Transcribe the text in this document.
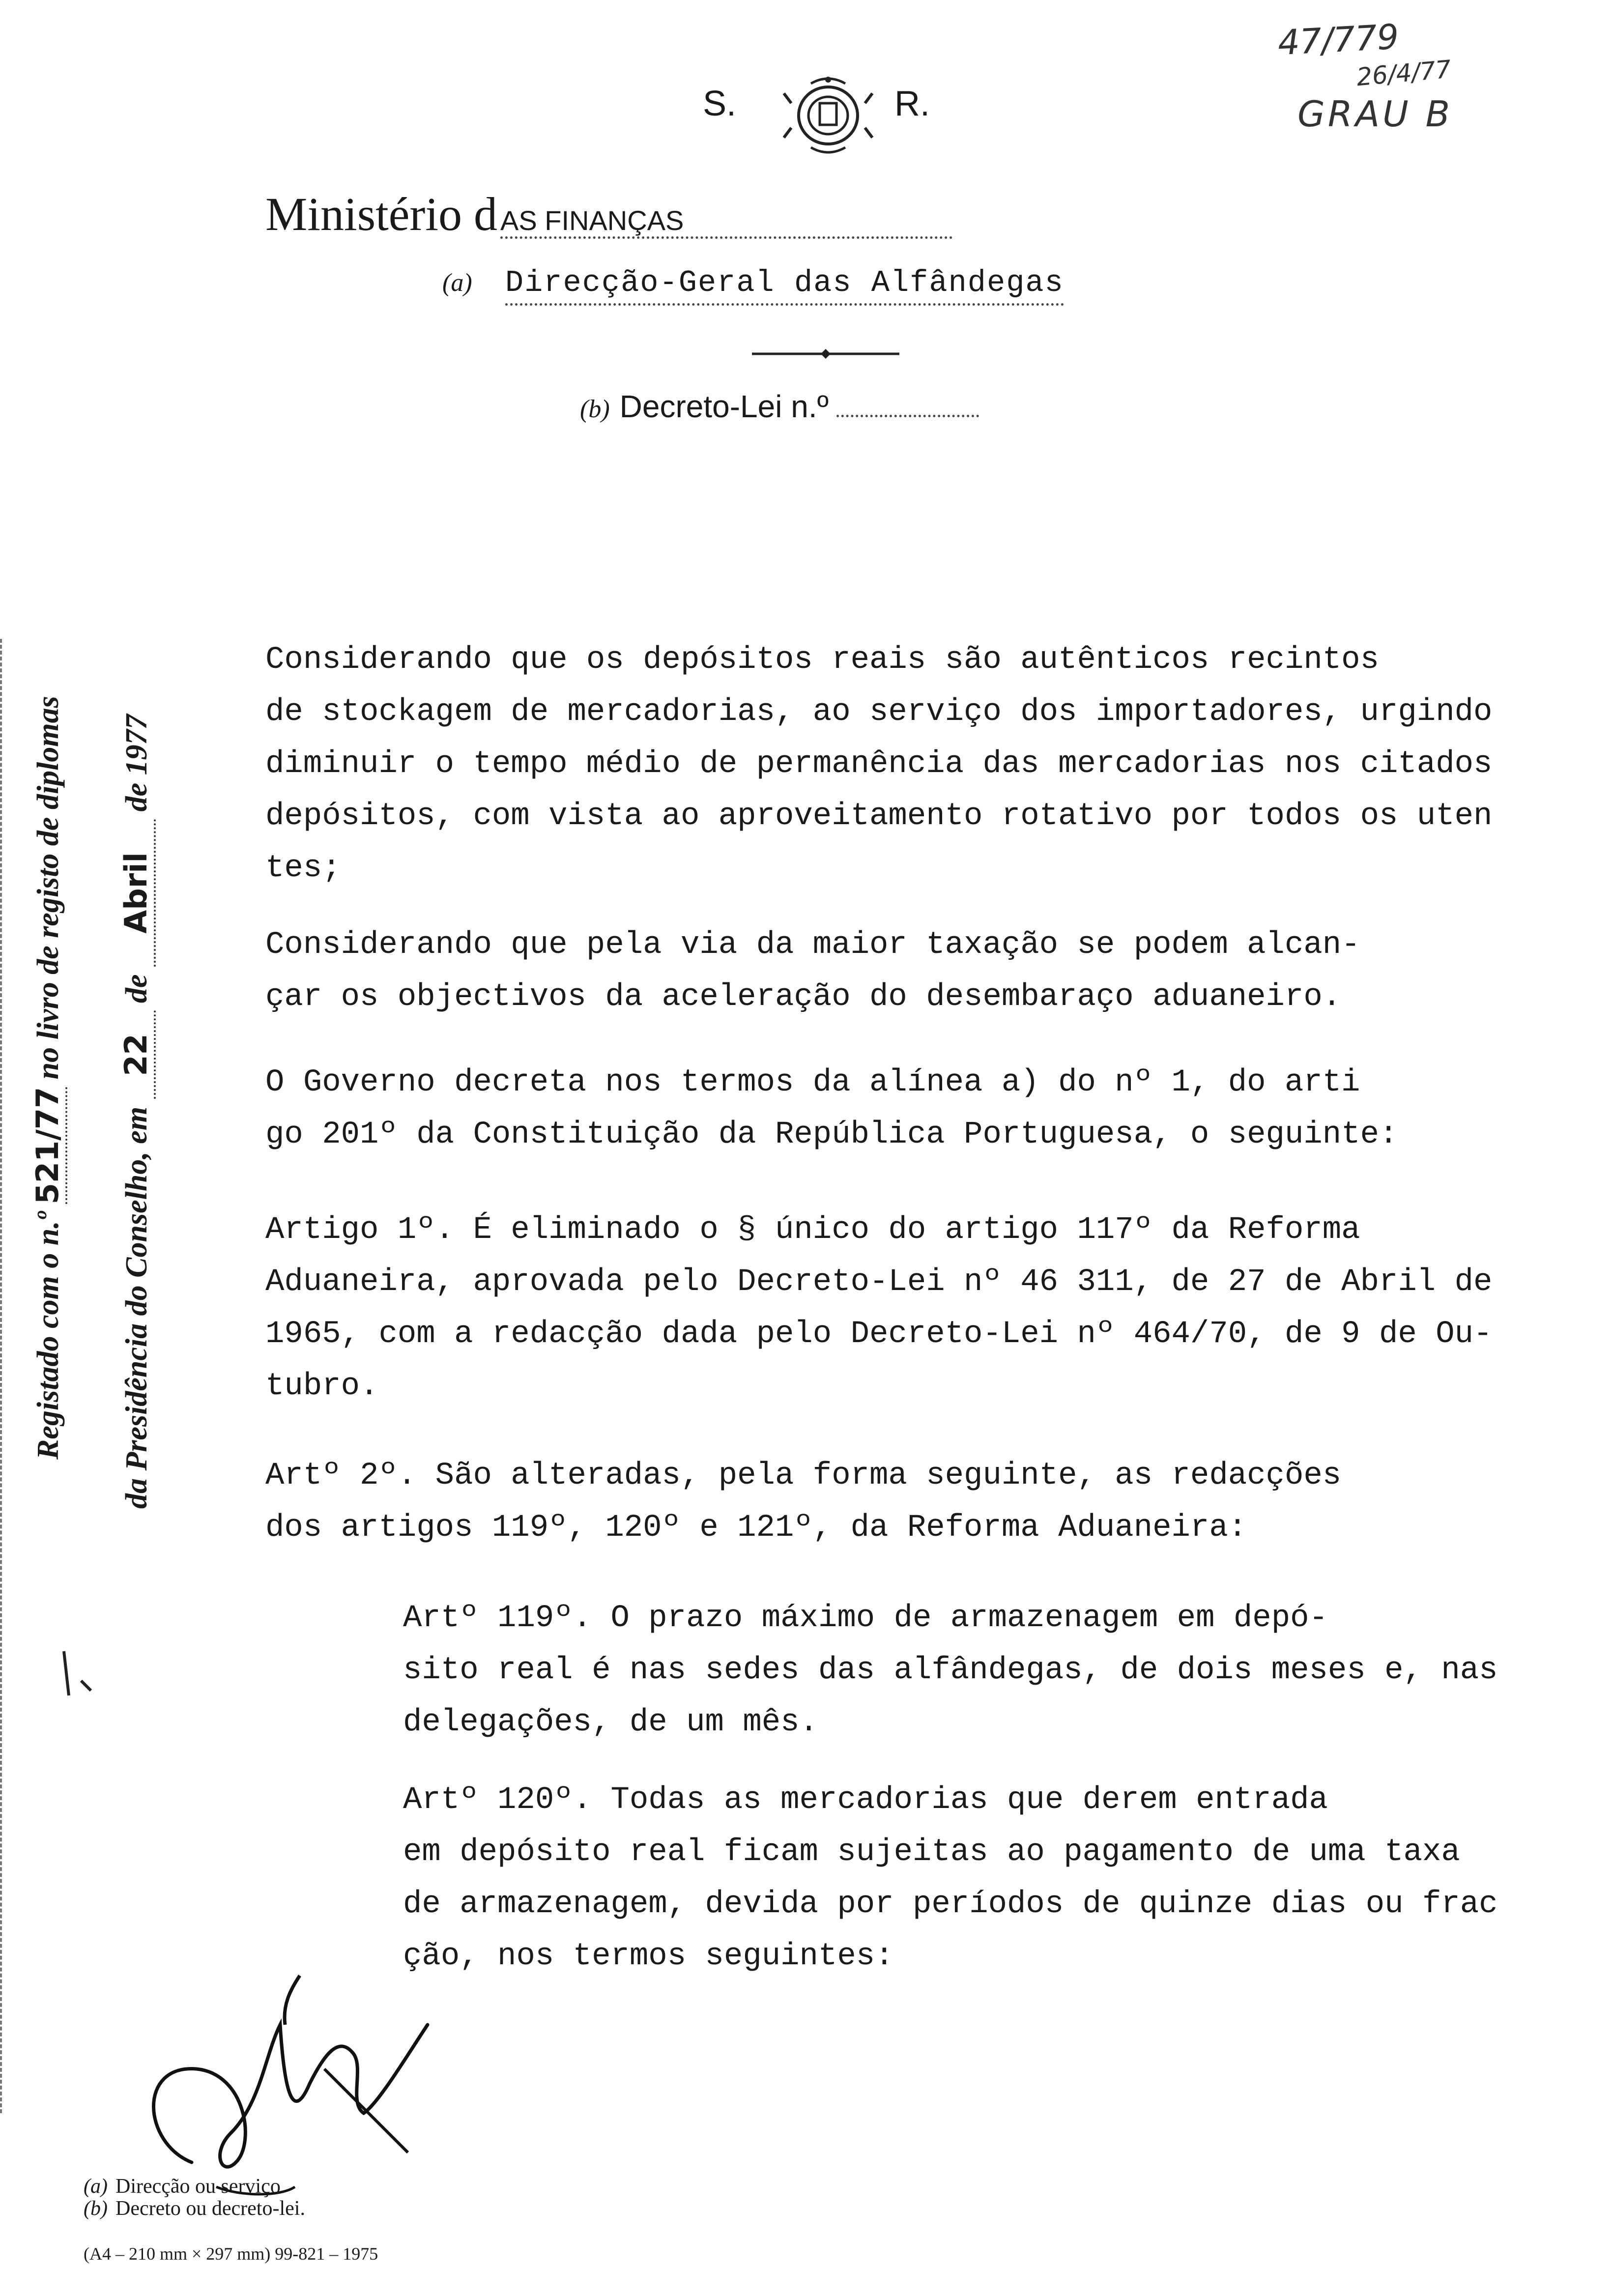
S.	R.
Ministério d AS FINANÇAS
(a) Direcção-Geral das Alfândegas
(b) Decreto-Lei n.º
47/779
26/4/77
GRAU B
Registado com o n.º 521/77 no livro de registo de diplomas
da Presidência do Conselho, em 22 de Abril de 1977
Considerando que os depósitos reais são autênticos recintos
de stockagem de mercadorias, ao serviço dos importadores, urgindo
diminuir o tempo médio de permanência das mercadorias nos citados
depósitos, com vista ao aproveitamento rotativo por todos os uten
tes;
Considerando que pela via da maior taxação se podem alcan-
çar os objectivos da aceleração do desembaraço aduaneiro.
O Governo decreta nos termos da alínea a) do nº 1, do arti
go 201º da Constituição da República Portuguesa, o seguinte:
Artigo 1º. É eliminado o § único do artigo 117º da Reforma
Aduaneira, aprovada pelo Decreto-Lei nº 46 311, de 27 de Abril de
1965, com a redacção dada pelo Decreto-Lei nº 464/70, de 9 de Ou-
tubro.
Artº 2º. São alteradas, pela forma seguinte, as redacções
dos artigos 119º, 120º e 121º, da Reforma Aduaneira:
Artº 119º. O prazo máximo de armazenagem em depó-
sito real é nas sedes das alfândegas, de dois meses e, nas
delegações, de um mês.
Artº 120º. Todas as mercadorias que derem entrada
em depósito real ficam sujeitas ao pagamento de uma taxa
de armazenagem, devida por períodos de quinze dias ou frac
ção, nos termos seguintes:
(a) Direcção ou serviço.
(b) Decreto ou decreto-lei.
(A4 – 210 mm × 297 mm) 99-821 – 1975
